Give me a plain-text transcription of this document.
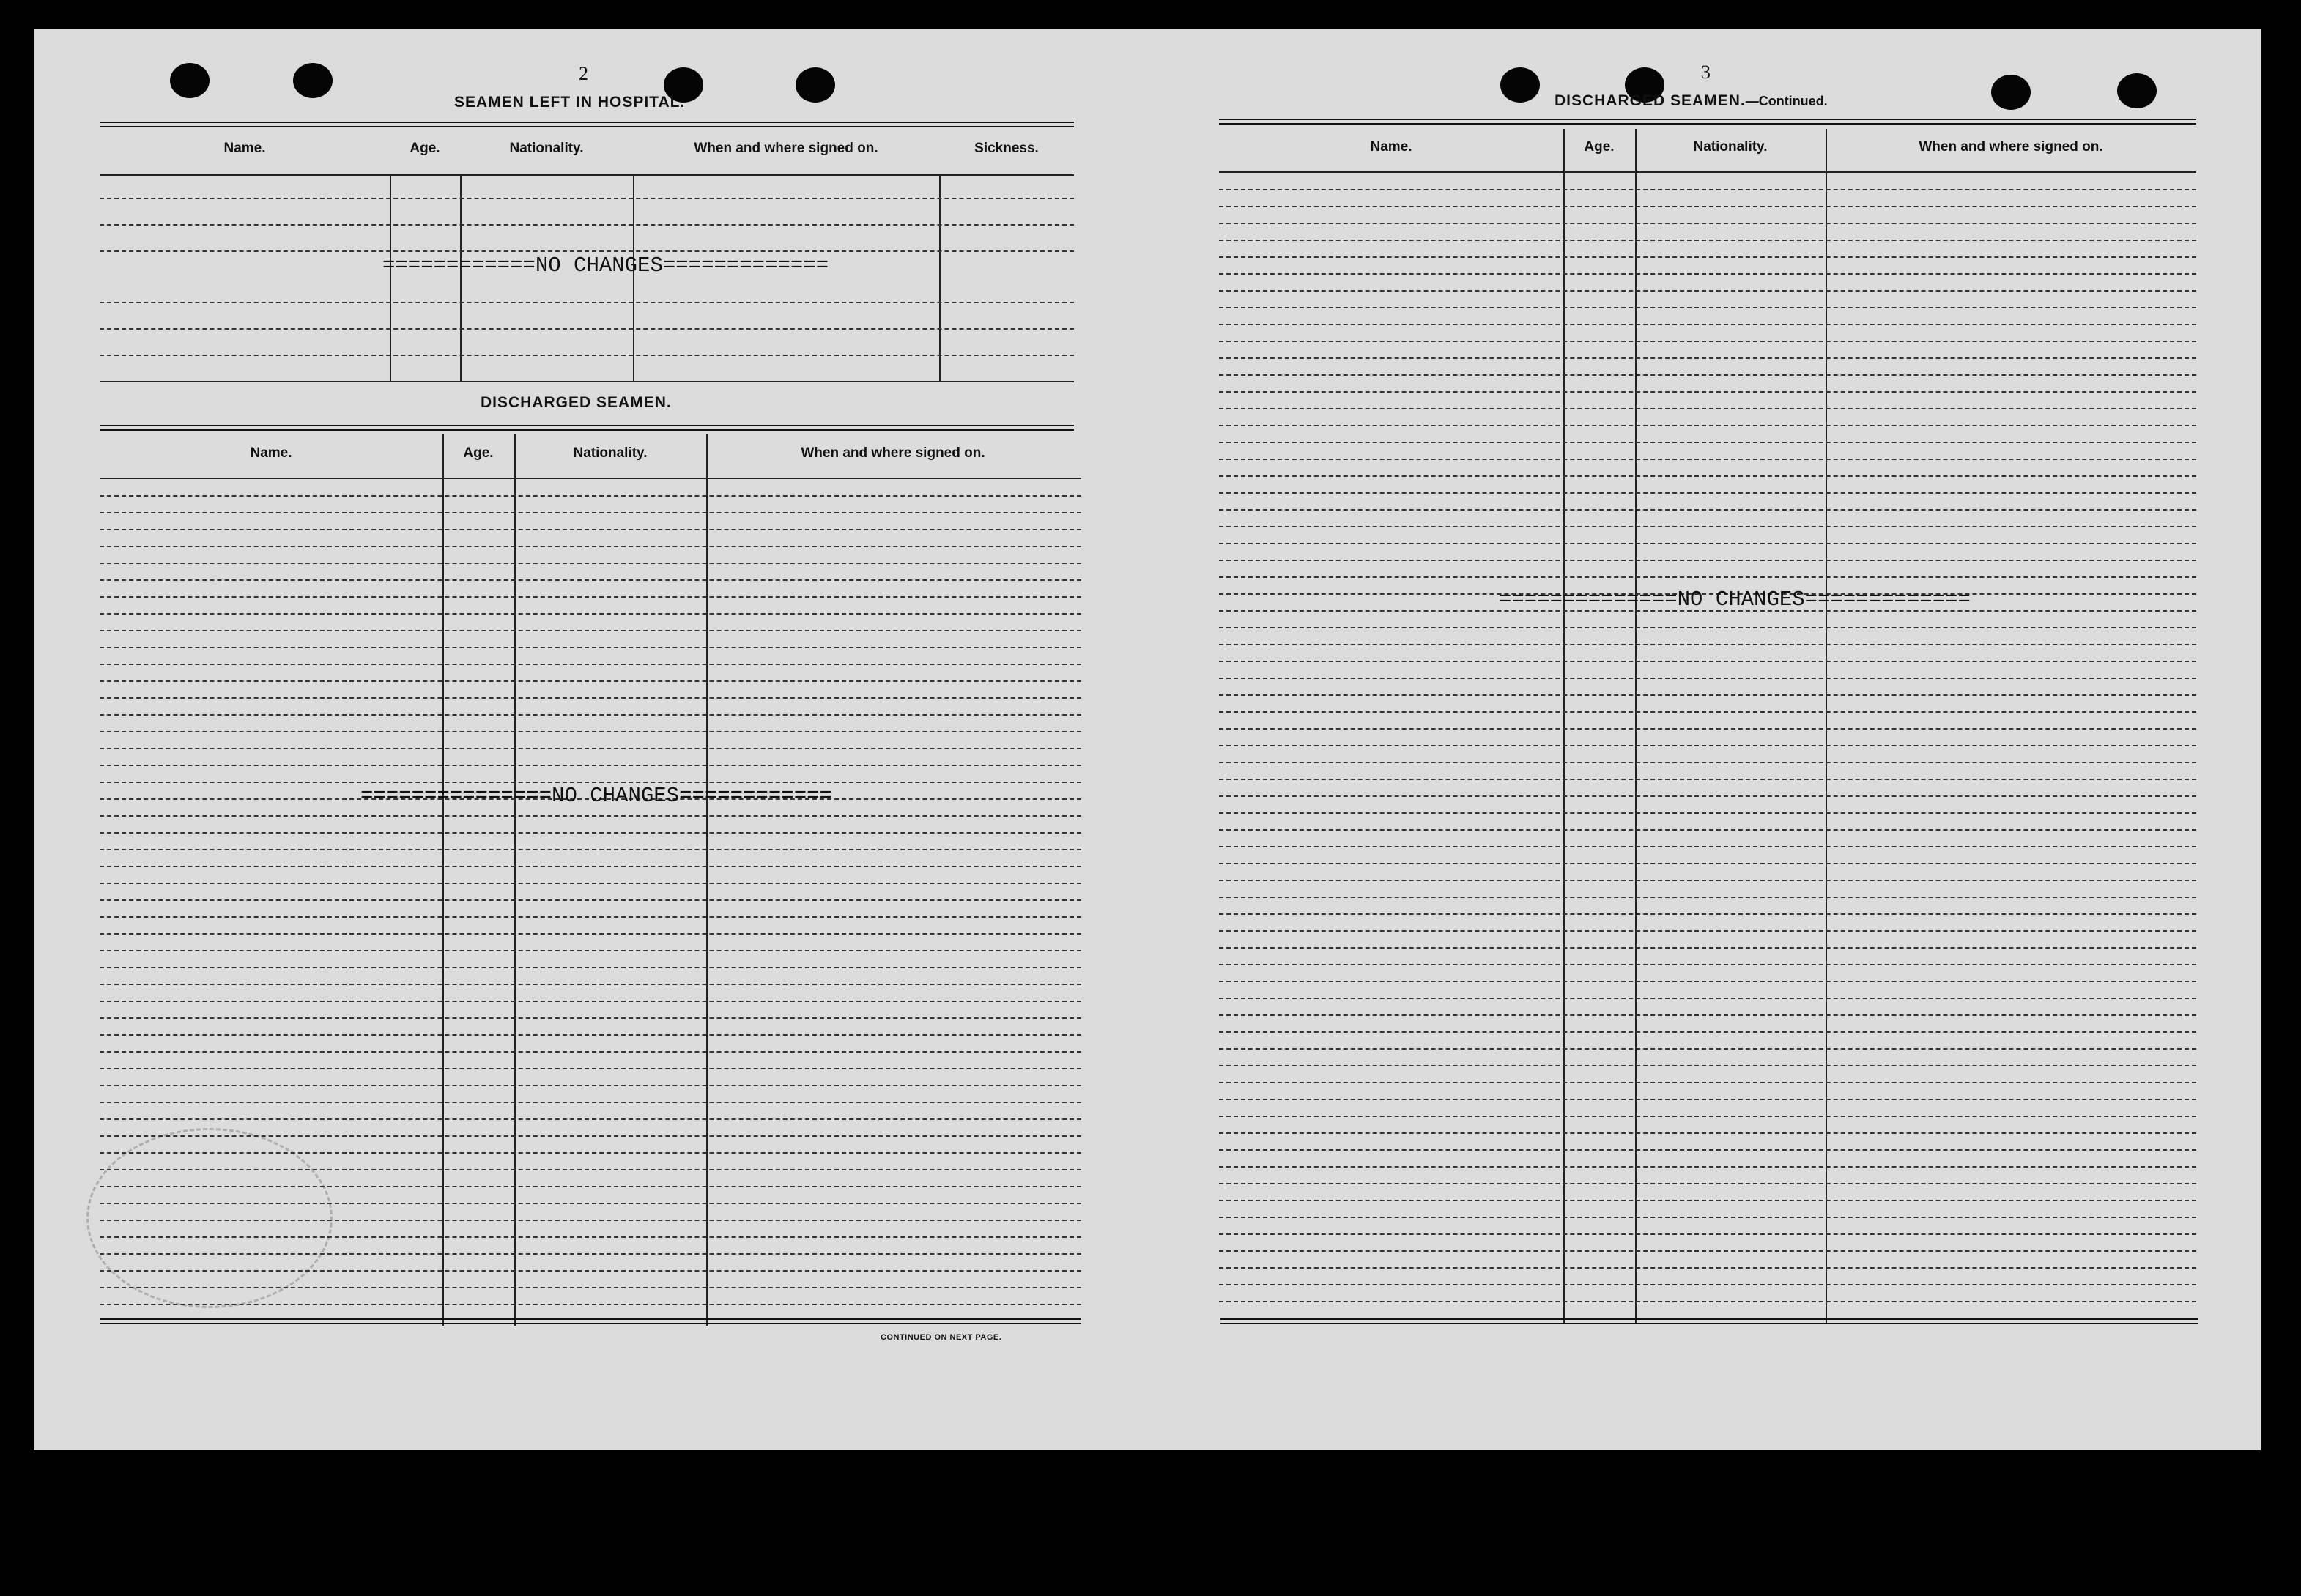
2
SEAMEN LEFT IN HOSPITAL.
Name.	Age.	Nationality.	When and where signed on.	Sickness.
============NO CHANGES=============
DISCHARGED SEAMEN.
Name.	Age.	Nationality.	When and where signed on.
===============NO CHANGES============
CONTINUED ON NEXT PAGE.
3
DISCHARGED SEAMEN.—Continued.
Name.	Age.	Nationality.	When and where signed on.
==============NO CHANGES=============
